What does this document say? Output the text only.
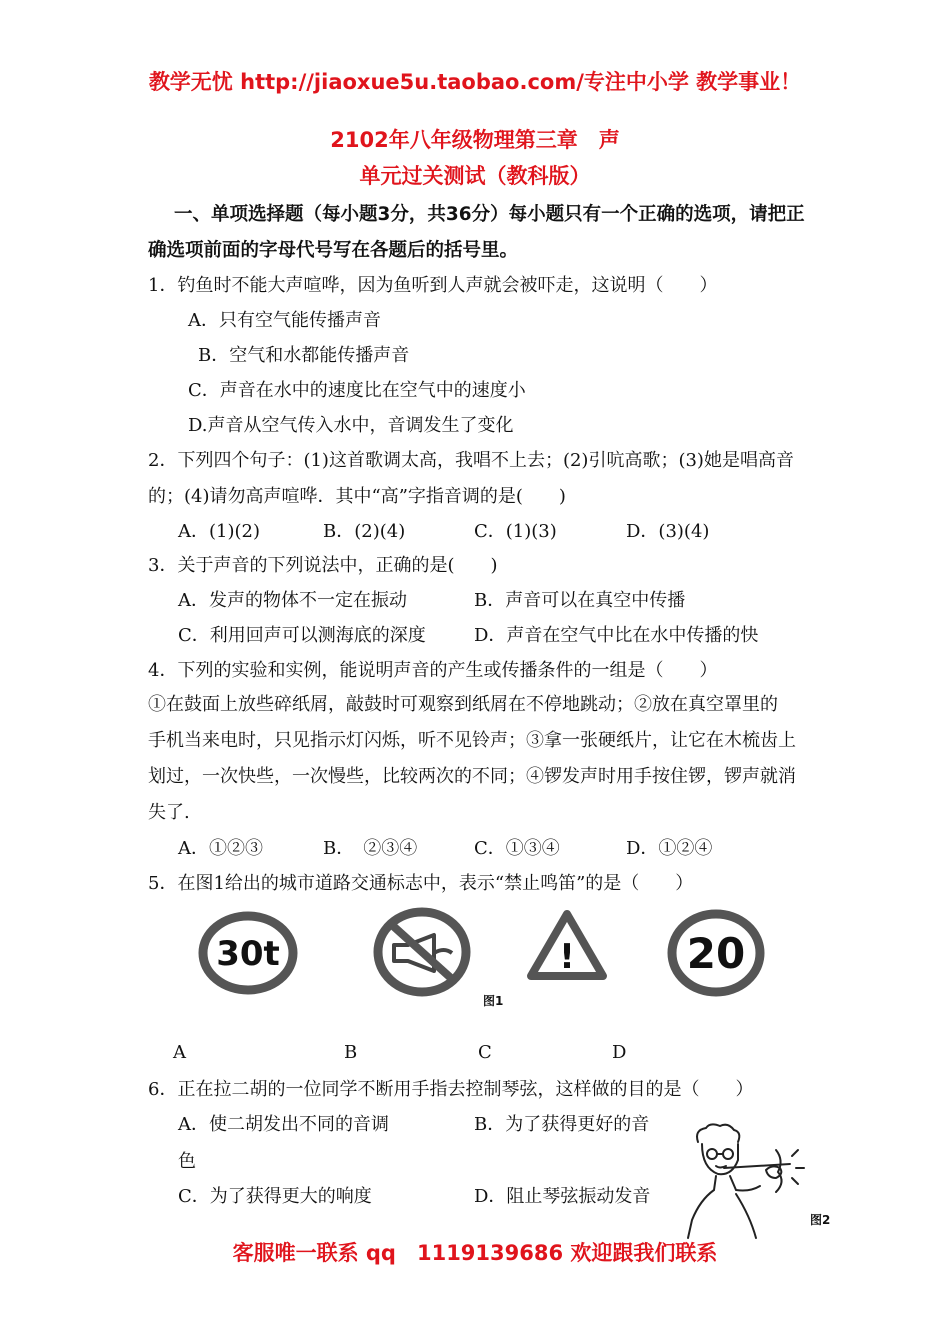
教学无忧 http://jiaoxue5u.taobao.com/专注中小学 教学事业！
2102年八年级物理第三章　声
单元过关测试（教科版）
一、单项选择题（每小题3分，共36分）每小题只有一个正确的选项，请把正
确选项前面的字母代号写在各题后的括号里。
1．钓鱼时不能大声喧哗，因为鱼听到人声就会被吓走，这说明（　　）
A．只有空气能传播声音
B．空气和水都能传播声音
C．声音在水中的速度比在空气中的速度小
D.声音从空气传入水中，音调发生了变化
2．下列四个句子：(1)这首歌调太高，我唱不上去；(2)引吭高歌；(3)她是唱高音
的；(4)请勿高声喧哗．其中“高”字指音调的是(　　)
A．(1)(2)	B．(2)(4)	C．(1)(3)	D．(3)(4)
3．关于声音的下列说法中，正确的是(　　)
A．发声的物体不一定在振动	B．声音可以在真空中传播
C．利用回声可以测海底的深度	D．声音在空气中比在水中传播的快
4．下列的实验和实例，能说明声音的产生或传播条件的一组是（　　）
①在鼓面上放些碎纸屑，敲鼓时可观察到纸屑在不停地跳动；②放在真空罩里的
手机当来电时，只见指示灯闪烁，听不见铃声；③拿一张硬纸片，让它在木梳齿上
划过，一次快些，一次慢些，比较两次的不同；④锣发声时用手按住锣，锣声就消
失了.
A．①②③	B．　②③④	C．①③④	D．①②④
5．在图1给出的城市道路交通标志中，表示“禁止鸣笛”的是（　　）
30t	!	20
图1
A	B	C	D
6．正在拉二胡的一位同学不断用手指去控制琴弦，这样做的目的是（　　）
A．使二胡发出不同的音调	B．为了获得更好的音
色
C．为了获得更大的响度	D．阻止琴弦振动发音
图2
客服唯一联系 qq　1119139686 欢迎跟我们联系
